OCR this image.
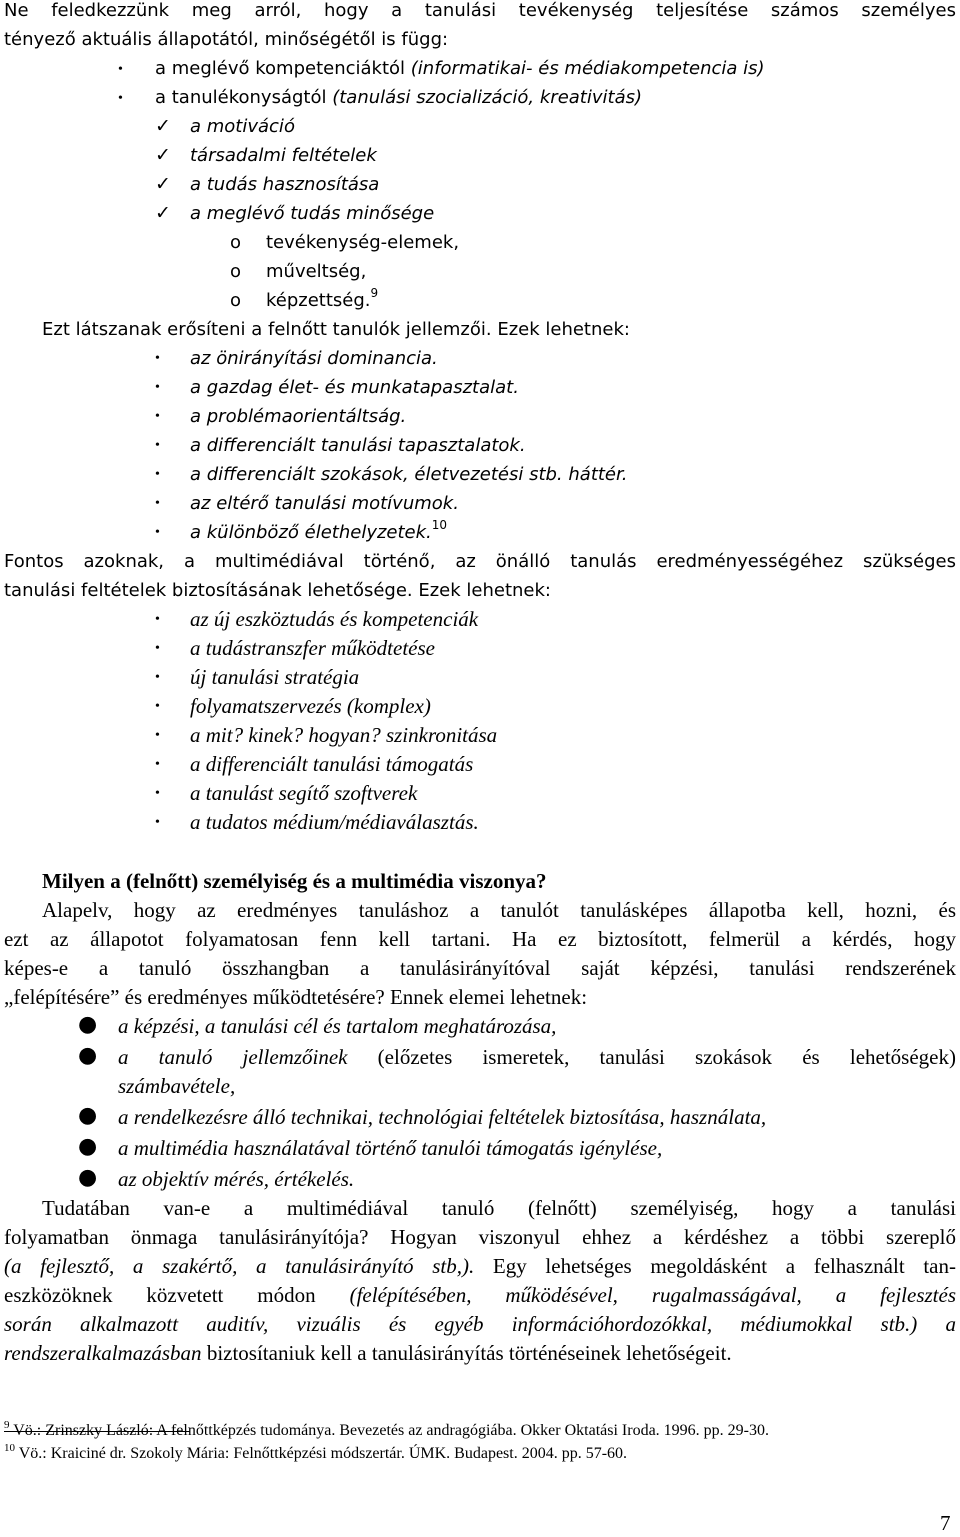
Ne feledkezzünk meg arról, hogy a tanulási tevékenység teljesítése számos személyes
tényező aktuális állapotától, minőségétől is függ:
• a meglévő kompetenciáktól (informatikai- és médiakompetencia is)
• a tanulékonyságtól (tanulási szocializáció, kreativitás)
✓ a motiváció
✓ társadalmi feltételek
✓ a tudás hasznosítása
✓ a meglévő tudás minősége
o tevékenység-elemek,
o műveltség,
o képzettség.$^9$
Ezt látszanak erősíteni a felnőtt tanulók jellemzői. Ezek lehetnek:
• az önirányítási dominancia.
• a gazdag élet- és munkatapasztalat.
• a problémaorientáltság.
• a differenciált tanulási tapasztalatok.
• a differenciált szokások, életvezetési stb. háttér.
• az eltérő tanulási motívumok.
• a különböző élethelyzetek.$^{10}$
Fontos azoknak, a multimédiával történő, az önálló tanulás eredményességéhez szükséges
tanulási feltételek biztosításának lehetősége. Ezek lehetnek:
• az új eszköztudás és kompetenciák
• a tudástranszfer működtetése
• új tanulási stratégia
• folyamatszervezés (komplex)
• a mit? kinek? hogyan? szinkronitása
• a differenciált tanulási támogatás
• a tanulást segítő szoftverek
• a tudatos médium/médiaválasztás.
Milyen a (felnőtt) személyiség és a multimédia viszonya?
Alapelv, hogy az eredményes tanuláshoz a tanulót tanulásképes állapotba kell, hozni, és
ezt az állapotot folyamatosan fenn kell tartani. Ha ez biztosított, felmerül a kérdés, hogy
képes-e a tanuló összhangban a tanulásirányítóval saját képzési, tanulási rendszerének
„felépítésére” és eredményes működtetésére? Ennek elemei lehetnek:
● a képzési, a tanulási cél és tartalom meghatározása,
● a tanuló jellemzőinek (előzetes ismeretek, tanulási szokások és lehetőségek)
számbavétele,
● a rendelkezésre álló technikai, technológiai feltételek biztosítása, használata,
● a multimédia használatával történő tanulói támogatás igénylése,
● az objektív mérés, értékelés.
Tudatában van-e a multimédiával tanuló (felnőtt) személyiség, hogy a tanulási
folyamatban önmaga tanulásirányítója? Hogyan viszonyul ehhez a kérdéshez a többi szereplő
(a fejlesztő, a szakértő, a tanulásirányító stb,). Egy lehetséges megoldásként a felhasznált tan-
eszközöknek közvetett módon (felépítésében, működésével, rugalmasságával, a fejlesztés
során alkalmazott auditív, vizuális és egyéb információhordozókkal, médiumokkal stb.) a
rendszeralkalmazásban biztosítaniuk kell a tanulásirányítás történéseinek lehetőségeit.
$^9$ Vö.: Zrinszky László: A felnőttképzés tudománya. Bevezetés az andragógiába. Okker Oktatási Iroda. 1996. pp. 29-30.
$^{10}$ Vö.: Kraiciné dr. Szokoly Mária: Felnőttképzési módszertár. ÚMK. Budapest. 2004. pp. 57-60.
7
